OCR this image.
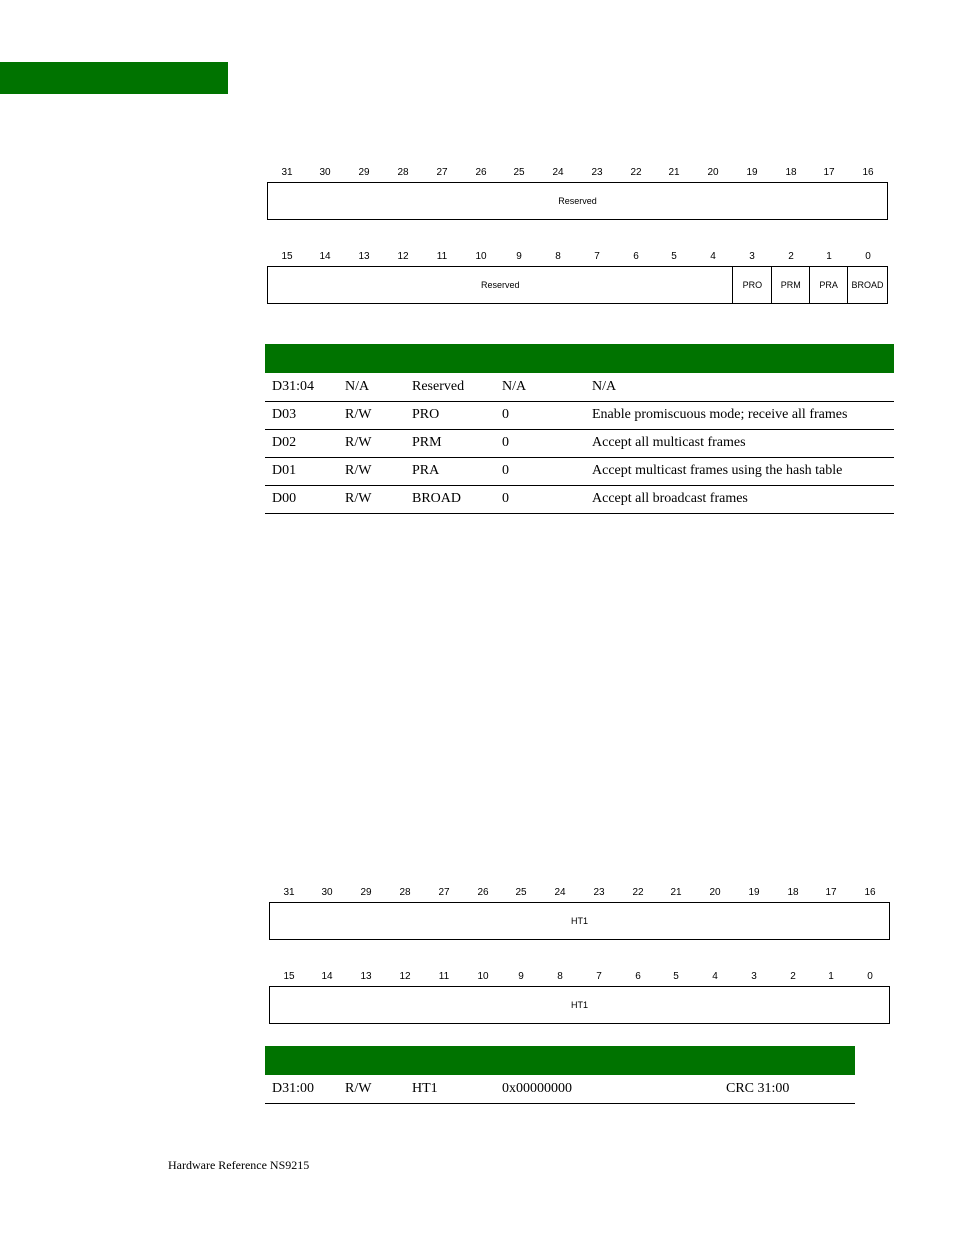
31	30	29	28	27	26	25	24	23	22	21	20	19	18	17	16
Reserved
15	14	13	12	11	10	9	8	7	6	5	4	3	2	1	0
Reserved	PRO	PRM	PRA	BROAD

D31:04	N/A	Reserved	N/A	N/A
D03	R/W	PRO	0	Enable promiscuous mode; receive all frames
D02	R/W	PRM	0	Accept all multicast frames
D01	R/W	PRA	0	Accept multicast frames using the hash table
D00	R/W	BROAD	0	Accept all broadcast frames
31	30	29	28	27	26	25	24	23	22	21	20	19	18	17	16
HT1
15	14	13	12	11	10	9	8	7	6	5	4	3	2	1	0
HT1

D31:00	R/W	HT1	0x00000000	CRC 31:00
Hardware Reference NS9215
